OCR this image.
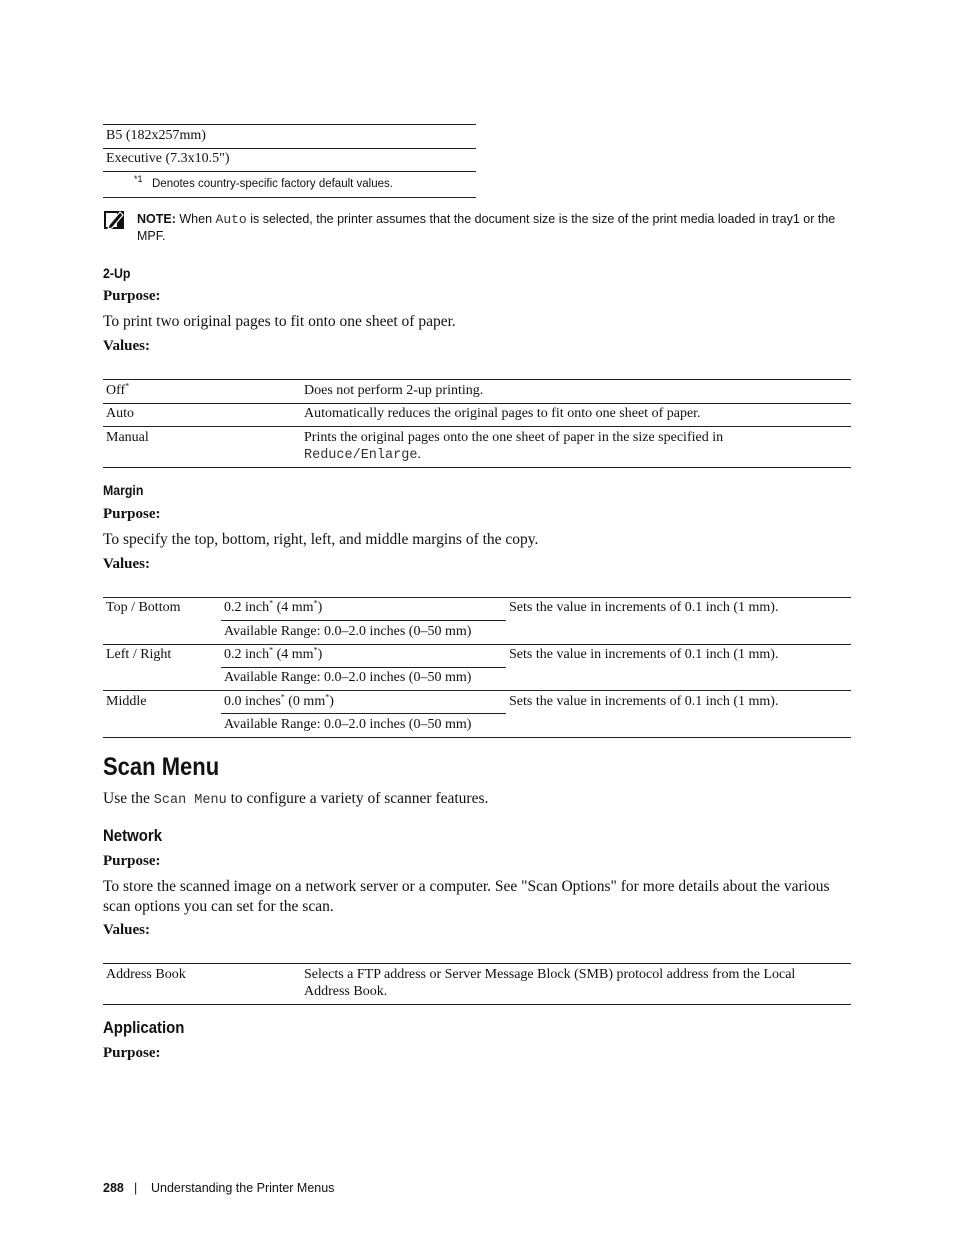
B5 (182x257mm)
Executive (7.3x10.5")
*1 Denotes country-specific factory default values.
NOTE: When Auto is selected, the printer assumes that the document size is the size of the print media loaded in tray1 or the MPF.
2-Up
Purpose:
To print two original pages to fit onto one sheet of paper.
Values:
Off*	Does not perform 2-up printing.
Auto	Automatically reduces the original pages to fit onto one sheet of paper.
Manual	Prints the original pages onto the one sheet of paper in the size specified in
Reduce/Enlarge.
Margin
Purpose:
To specify the top, bottom, right, left, and middle margins of the copy.
Values:
Top / Bottom	0.2 inch* (4 mm*)	Sets the value in increments of 0.1 inch (1 mm).
Available Range: 0.0–2.0 inches (0–50 mm)
Left / Right	0.2 inch* (4 mm*)	Sets the value in increments of 0.1 inch (1 mm).
Available Range: 0.0–2.0 inches (0–50 mm)
Middle	0.0 inches* (0 mm*)	Sets the value in increments of 0.1 inch (1 mm).
Available Range: 0.0–2.0 inches (0–50 mm)
Scan Menu
Use the Scan Menu to configure a variety of scanner features.
Network
Purpose:
To store the scanned image on a network server or a computer. See "Scan Options" for more details about the various scan options you can set for the scan.
Values:
Address Book	Selects a FTP address or Server Message Block (SMB) protocol address from the Local Address Book.
Application
Purpose:
288 | Understanding the Printer Menus
